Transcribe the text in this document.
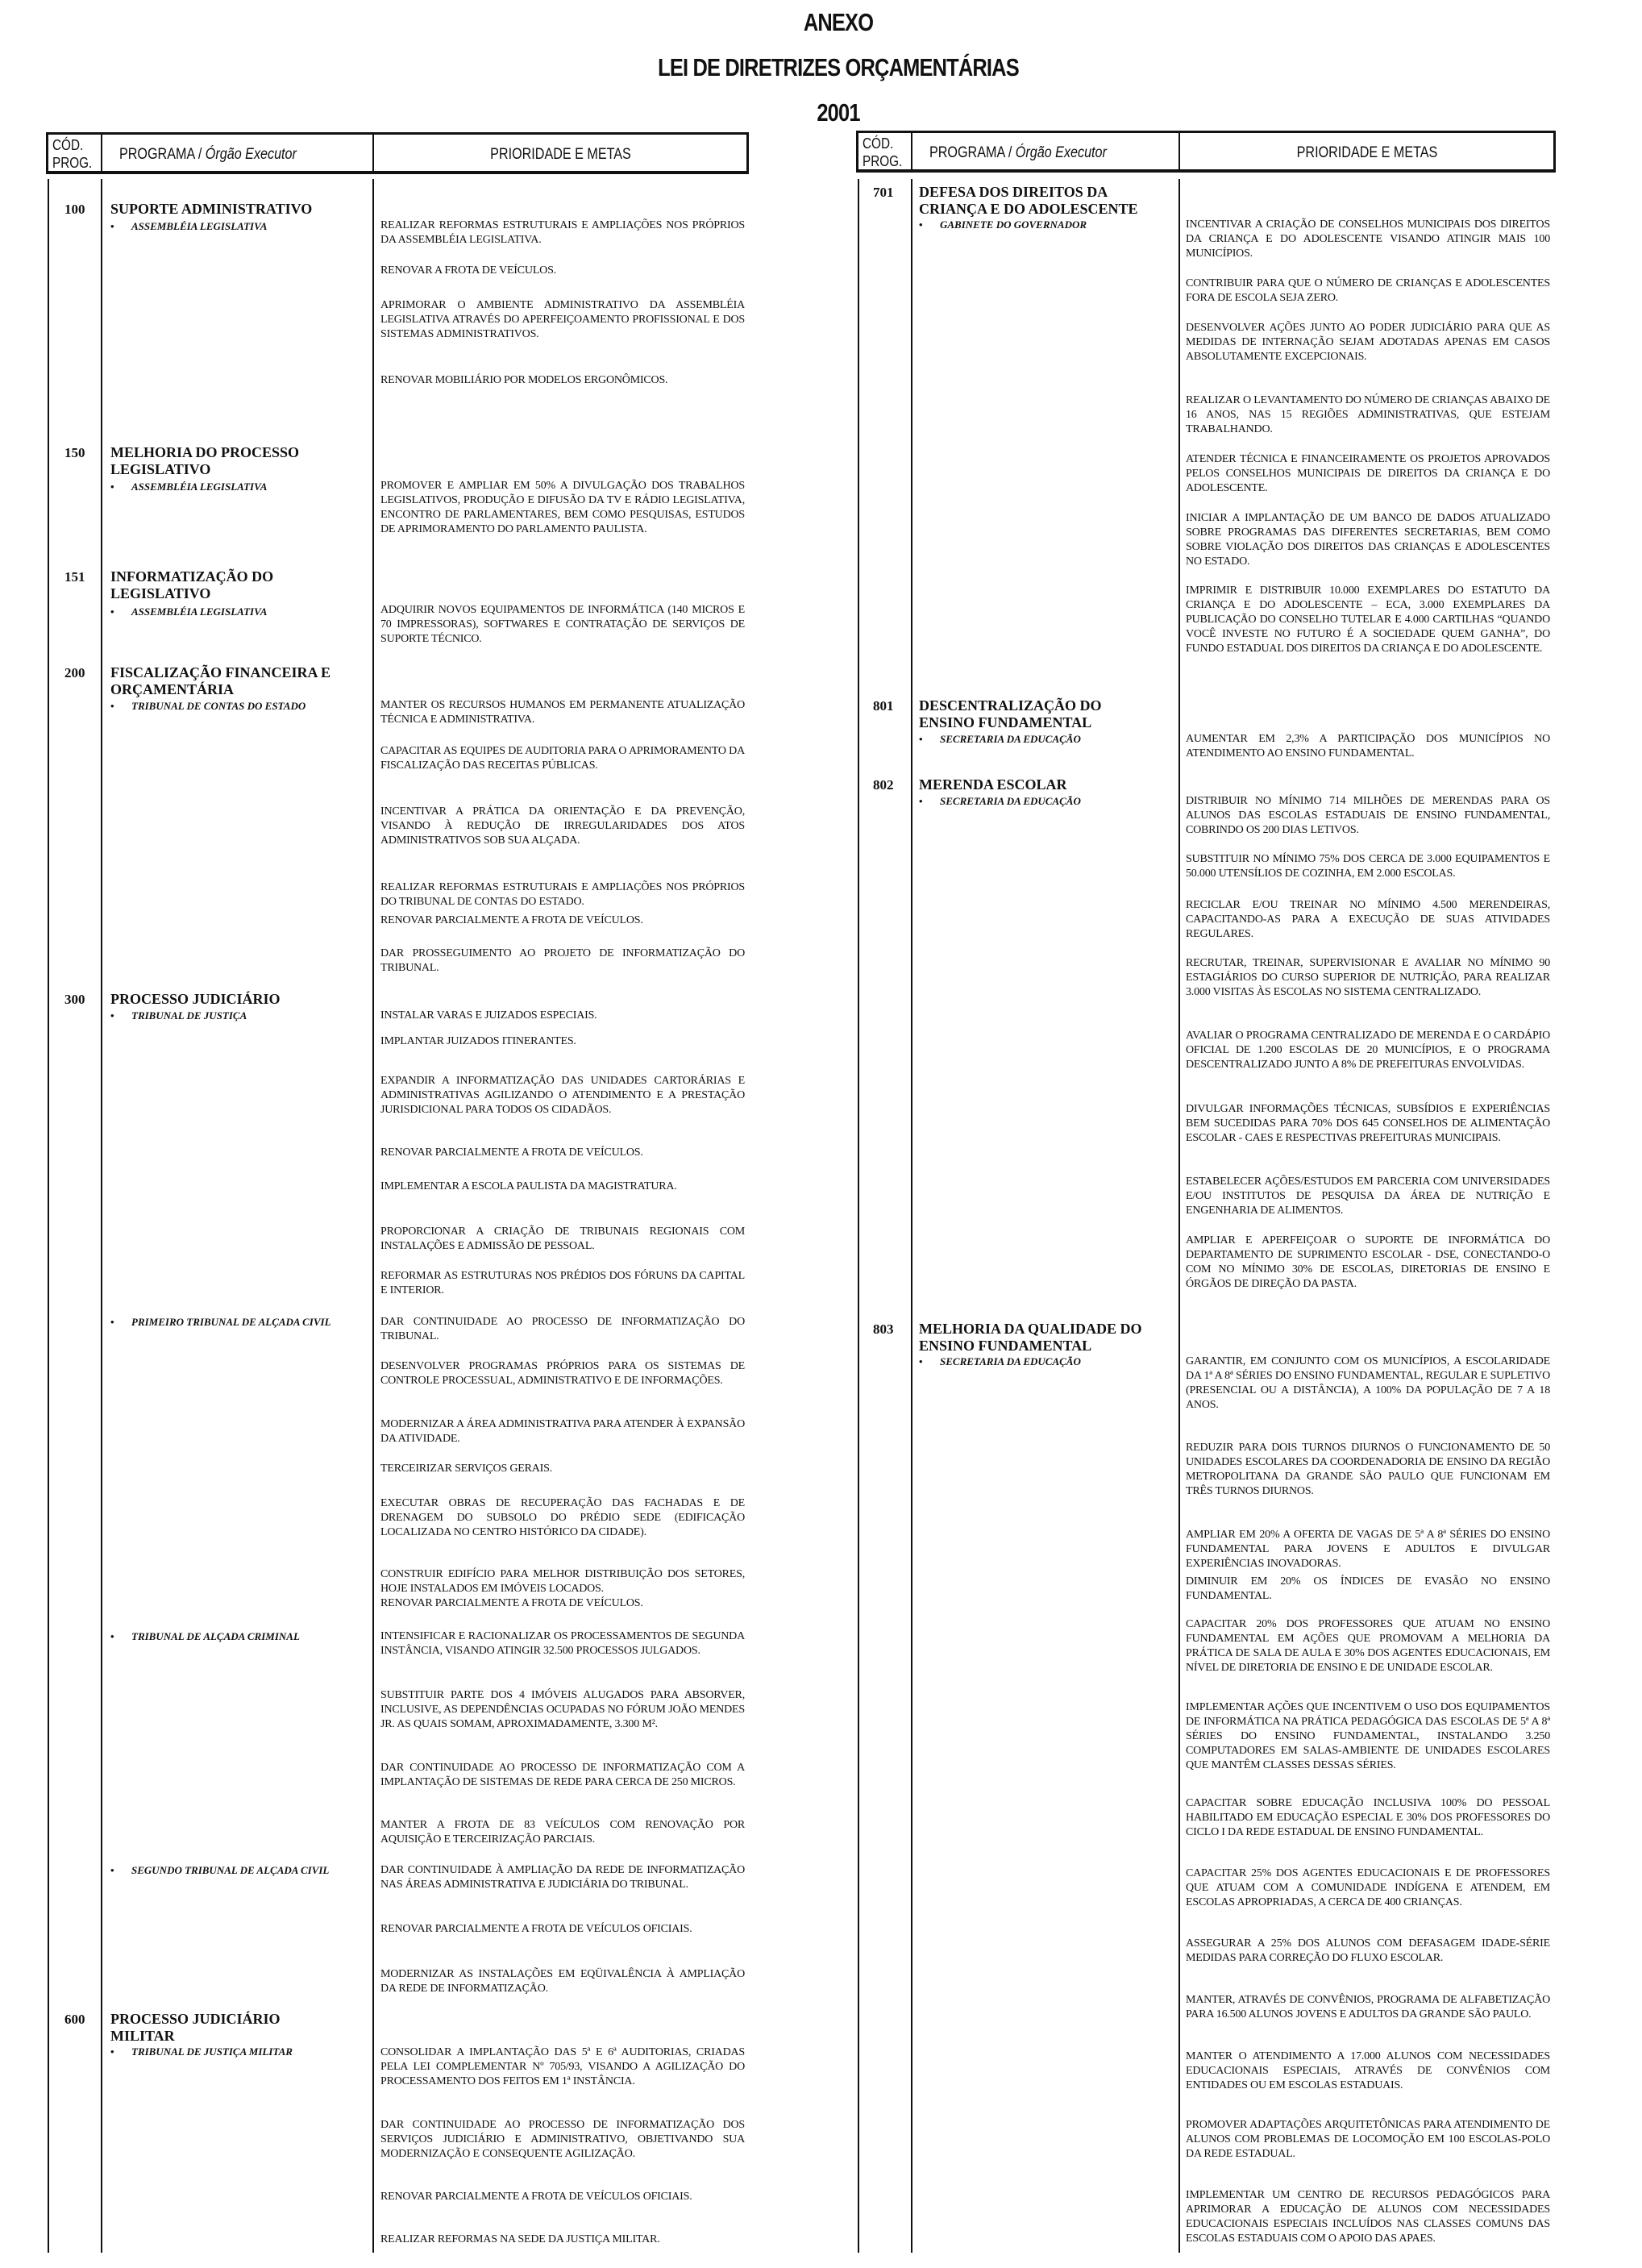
ANEXO
LEI DE DIRETRIZES ORÇAMENTÁRIAS
2001
CÓD.
PROG. PROGRAMA / Órgão Executor	PRIORIDADE E METAS
100 SUPORTE ADMINISTRATIVO
• ASSEMBLÉIA LEGISLATIVA	REALIZAR REFORMAS ESTRUTURAIS E AMPLIAÇÕES NOS PRÓPRIOS DA ASSEMBLÉIA LEGISLATIVA.
RENOVAR A FROTA DE VEÍCULOS.
APRIMORAR O AMBIENTE ADMINISTRATIVO DA ASSEMBLÉIA LEGISLATIVA ATRAVÉS DO APERFEIÇOAMENTO PROFISSIONAL E DOS SISTEMAS ADMINISTRATIVOS.
RENOVAR MOBILIÁRIO POR MODELOS ERGONÔMICOS.
150 MELHORIA DO PROCESSO
LEGISLATIVO
• ASSEMBLÉIA LEGISLATIVA	PROMOVER E AMPLIAR EM 50% A DIVULGAÇÃO DOS TRABALHOS LEGISLATIVOS, PRODUÇÃO E DIFUSÃO DA TV E RÁDIO LEGISLATIVA, ENCONTRO DE PARLAMENTARES, BEM COMO PESQUISAS, ESTUDOS DE APRIMORAMENTO DO PARLAMENTO PAULISTA.
151 INFORMATIZAÇÃO DO
LEGISLATIVO
• ASSEMBLÉIA LEGISLATIVA	ADQUIRIR NOVOS EQUIPAMENTOS DE INFORMÁTICA (140 MICROS E 70 IMPRESSORAS), SOFTWARES E CONTRATAÇÃO DE SERVIÇOS DE SUPORTE TÉCNICO.
200 FISCALIZAÇÃO FINANCEIRA E
ORÇAMENTÁRIA
• TRIBUNAL DE CONTAS DO ESTADO	MANTER OS RECURSOS HUMANOS EM PERMANENTE ATUALIZAÇÃO TÉCNICA E ADMINISTRATIVA.
CAPACITAR AS EQUIPES DE AUDITORIA PARA O APRIMORAMENTO DA FISCALIZAÇÃO DAS RECEITAS PÚBLICAS.
INCENTIVAR A PRÁTICA DA ORIENTAÇÃO E DA PREVENÇÃO, VISANDO À REDUÇÃO DE IRREGULARIDADES DOS ATOS ADMINISTRATIVOS SOB SUA ALÇADA.
REALIZAR REFORMAS ESTRUTURAIS E AMPLIAÇÕES NOS PRÓPRIOS DO TRIBUNAL DE CONTAS DO ESTADO.
RENOVAR PARCIALMENTE A FROTA DE VEÍCULOS.
DAR PROSSEGUIMENTO AO PROJETO DE INFORMATIZAÇÃO DO TRIBUNAL.
300 PROCESSO JUDICIÁRIO
• TRIBUNAL DE JUSTIÇA	INSTALAR VARAS E JUIZADOS ESPECIAIS.
IMPLANTAR JUIZADOS ITINERANTES.
EXPANDIR A INFORMATIZAÇÃO DAS UNIDADES CARTORÁRIAS E ADMINISTRATIVAS AGILIZANDO O ATENDIMENTO E A PRESTAÇÃO JURISDICIONAL PARA TODOS OS CIDADÃOS.
RENOVAR PARCIALMENTE A FROTA DE VEÍCULOS.
IMPLEMENTAR A ESCOLA PAULISTA DA MAGISTRATURA.
PROPORCIONAR A CRIAÇÃO DE TRIBUNAIS REGIONAIS COM INSTALAÇÕES E ADMISSÃO DE PESSOAL.
REFORMAR AS ESTRUTURAS NOS PRÉDIOS DOS FÓRUNS DA CAPITAL E INTERIOR.
• PRIMEIRO TRIBUNAL DE ALÇADA CIVIL	DAR CONTINUIDADE AO PROCESSO DE INFORMATIZAÇÃO DO TRIBUNAL.
DESENVOLVER PROGRAMAS PRÓPRIOS PARA OS SISTEMAS DE CONTROLE PROCESSUAL, ADMINISTRATIVO E DE INFORMAÇÕES.
MODERNIZAR A ÁREA ADMINISTRATIVA PARA ATENDER À EXPANSÃO DA ATIVIDADE.
TERCEIRIZAR SERVIÇOS GERAIS.
EXECUTAR OBRAS DE RECUPERAÇÃO DAS FACHADAS E DE DRENAGEM DO SUBSOLO DO PRÉDIO SEDE (EDIFICAÇÃO LOCALIZADA NO CENTRO HISTÓRICO DA CIDADE).
CONSTRUIR EDIFÍCIO PARA MELHOR DISTRIBUIÇÃO DOS SETORES, HOJE INSTALADOS EM IMÓVEIS LOCADOS.
RENOVAR PARCIALMENTE A FROTA DE VEÍCULOS.
• TRIBUNAL DE ALÇADA CRIMINAL	INTENSIFICAR E RACIONALIZAR OS PROCESSAMENTOS DE SEGUNDA INSTÂNCIA, VISANDO ATINGIR 32.500 PROCESSOS JULGADOS.
SUBSTITUIR PARTE DOS 4 IMÓVEIS ALUGADOS PARA ABSORVER, INCLUSIVE, AS DEPENDÊNCIAS OCUPADAS NO FÓRUM JOÃO MENDES JR. AS QUAIS SOMAM, APROXIMADAMENTE, 3.300 M².
DAR CONTINUIDADE AO PROCESSO DE INFORMATIZAÇÃO COM A IMPLANTAÇÃO DE SISTEMAS DE REDE PARA CERCA DE 250 MICROS.
MANTER A FROTA DE 83 VEÍCULOS COM RENOVAÇÃO POR AQUISIÇÃO E TERCEIRIZAÇÃO PARCIAIS.
• SEGUNDO TRIBUNAL DE ALÇADA CIVIL	DAR CONTINUIDADE À AMPLIAÇÃO DA REDE DE INFORMATIZAÇÃO NAS ÁREAS ADMINISTRATIVA E JUDICIÁRIA DO TRIBUNAL.
RENOVAR PARCIALMENTE A FROTA DE VEÍCULOS OFICIAIS.
MODERNIZAR AS INSTALAÇÕES EM EQÜIVALÊNCIA À AMPLIAÇÃO DA REDE DE INFORMATIZAÇÃO.
600 PROCESSO JUDICIÁRIO
MILITAR
• TRIBUNAL DE JUSTIÇA MILITAR	CONSOLIDAR A IMPLANTAÇÃO DAS 5ª E 6ª AUDITORIAS, CRIADAS PELA LEI COMPLEMENTAR Nº 705/93, VISANDO A AGILIZAÇÃO DO PROCESSAMENTO DOS FEITOS EM 1ª INSTÂNCIA.
DAR CONTINUIDADE AO PROCESSO DE INFORMATIZAÇÃO DOS SERVIÇOS JUDICIÁRIO E ADMINISTRATIVO, OBJETIVANDO SUA MODERNIZAÇÃO E CONSEQUENTE AGILIZAÇÃO.
RENOVAR PARCIALMENTE A FROTA DE VEÍCULOS OFICIAIS.
REALIZAR REFORMAS NA SEDE DA JUSTIÇA MILITAR.
CÓD.
PROG. PROGRAMA / Órgão Executor	PRIORIDADE E METAS
701 DEFESA DOS DIREITOS DA
CRIANÇA E DO ADOLESCENTE
• GABINETE DO GOVERNADOR	INCENTIVAR A CRIAÇÃO DE CONSELHOS MUNICIPAIS DOS DIREITOS DA CRIANÇA E DO ADOLESCENTE VISANDO ATINGIR MAIS 100 MUNICÍPIOS.
CONTRIBUIR PARA QUE O NÚMERO DE CRIANÇAS E ADOLESCENTES FORA DE ESCOLA SEJA ZERO.
DESENVOLVER AÇÕES JUNTO AO PODER JUDICIÁRIO PARA QUE AS MEDIDAS DE INTERNAÇÃO SEJAM ADOTADAS APENAS EM CASOS ABSOLUTAMENTE EXCEPCIONAIS.
REALIZAR O LEVANTAMENTO DO NÚMERO DE CRIANÇAS ABAIXO DE 16 ANOS, NAS 15 REGIÕES ADMINISTRATIVAS, QUE ESTEJAM TRABALHANDO.
ATENDER TÉCNICA E FINANCEIRAMENTE OS PROJETOS APROVADOS PELOS CONSELHOS MUNICIPAIS DE DIREITOS DA CRIANÇA E DO ADOLESCENTE.
INICIAR A IMPLANTAÇÃO DE UM BANCO DE DADOS ATUALIZADO SOBRE PROGRAMAS DAS DIFERENTES SECRETARIAS, BEM COMO SOBRE VIOLAÇÃO DOS DIREITOS DAS CRIANÇAS E ADOLESCENTES NO ESTADO.
IMPRIMIR E DISTRIBUIR 10.000 EXEMPLARES DO ESTATUTO DA CRIANÇA E DO ADOLESCENTE – ECA, 3.000 EXEMPLARES DA PUBLICAÇÃO DO CONSELHO TUTELAR E 4.000 CARTILHAS “QUANDO VOCÊ INVESTE NO FUTURO É A SOCIEDADE QUEM GANHA”, DO FUNDO ESTADUAL DOS DIREITOS DA CRIANÇA E DO ADOLESCENTE.
801 DESCENTRALIZAÇÃO DO
ENSINO FUNDAMENTAL
• SECRETARIA DA EDUCAÇÃO	AUMENTAR EM 2,3% A PARTICIPAÇÃO DOS MUNICÍPIOS NO ATENDIMENTO AO ENSINO FUNDAMENTAL.
802 MERENDA ESCOLAR
• SECRETARIA DA EDUCAÇÃO	DISTRIBUIR NO MÍNIMO 714 MILHÕES DE MERENDAS PARA OS ALUNOS DAS ESCOLAS ESTADUAIS DE ENSINO FUNDAMENTAL, COBRINDO OS 200 DIAS LETIVOS.
SUBSTITUIR NO MÍNIMO 75% DOS CERCA DE 3.000 EQUIPAMENTOS E 50.000 UTENSÍLIOS DE COZINHA, EM 2.000 ESCOLAS.
RECICLAR E/OU TREINAR NO MÍNIMO 4.500 MERENDEIRAS, CAPACITANDO-AS PARA A EXECUÇÃO DE SUAS ATIVIDADES REGULARES.
RECRUTAR, TREINAR, SUPERVISIONAR E AVALIAR NO MÍNIMO 90 ESTAGIÁRIOS DO CURSO SUPERIOR DE NUTRIÇÃO, PARA REALIZAR 3.000 VISITAS ÀS ESCOLAS NO SISTEMA CENTRALIZADO.
AVALIAR O PROGRAMA CENTRALIZADO DE MERENDA E O CARDÁPIO OFICIAL DE 1.200 ESCOLAS DE 20 MUNICÍPIOS, E O PROGRAMA DESCENTRALIZADO JUNTO A 8% DE PREFEITURAS ENVOLVIDAS.
DIVULGAR INFORMAÇÕES TÉCNICAS, SUBSÍDIOS E EXPERIÊNCIAS BEM SUCEDIDAS PARA 70% DOS 645 CONSELHOS DE ALIMENTAÇÃO ESCOLAR - CAES E RESPECTIVAS PREFEITURAS MUNICIPAIS.
ESTABELECER AÇÕES/ESTUDOS EM PARCERIA COM UNIVERSIDADES E/OU INSTITUTOS DE PESQUISA DA ÁREA DE NUTRIÇÃO E ENGENHARIA DE ALIMENTOS.
AMPLIAR E APERFEIÇOAR O SUPORTE DE INFORMÁTICA DO DEPARTAMENTO DE SUPRIMENTO ESCOLAR - DSE, CONECTANDO-O COM NO MÍNIMO 30% DE ESCOLAS, DIRETORIAS DE ENSINO E ÓRGÃOS DE DIREÇÃO DA PASTA.
803 MELHORIA DA QUALIDADE DO
ENSINO FUNDAMENTAL
• SECRETARIA DA EDUCAÇÃO	GARANTIR, EM CONJUNTO COM OS MUNICÍPIOS, A ESCOLARIDADE DA 1ª A 8ª SÉRIES DO ENSINO FUNDAMENTAL, REGULAR E SUPLETIVO (PRESENCIAL OU A DISTÂNCIA), A 100% DA POPULAÇÃO DE 7 A 18 ANOS.
REDUZIR PARA DOIS TURNOS DIURNOS O FUNCIONAMENTO DE 50 UNIDADES ESCOLARES DA COORDENADORIA DE ENSINO DA REGIÃO METROPOLITANA DA GRANDE SÃO PAULO QUE FUNCIONAM EM TRÊS TURNOS DIURNOS.
AMPLIAR EM 20% A OFERTA DE VAGAS DE 5ª A 8ª SÉRIES DO ENSINO FUNDAMENTAL PARA JOVENS E ADULTOS E DIVULGAR EXPERIÊNCIAS INOVADORAS.
DIMINUIR EM 20% OS ÍNDICES DE EVASÃO NO ENSINO FUNDAMENTAL.
CAPACITAR 20% DOS PROFESSORES QUE ATUAM NO ENSINO FUNDAMENTAL EM AÇÕES QUE PROMOVAM A MELHORIA DA PRÁTICA DE SALA DE AULA E 30% DOS AGENTES EDUCACIONAIS, EM NÍVEL DE DIRETORIA DE ENSINO E DE UNIDADE ESCOLAR.
IMPLEMENTAR AÇÕES QUE INCENTIVEM O USO DOS EQUIPAMENTOS DE INFORMÁTICA NA PRÁTICA PEDAGÓGICA DAS ESCOLAS DE 5ª A 8ª SÉRIES DO ENSINO FUNDAMENTAL, INSTALANDO 3.250 COMPUTADORES EM SALAS-AMBIENTE DE UNIDADES ESCOLARES QUE MANTÊM CLASSES DESSAS SÉRIES.
CAPACITAR SOBRE EDUCAÇÃO INCLUSIVA 100% DO PESSOAL HABILITADO EM EDUCAÇÃO ESPECIAL E 30% DOS PROFESSORES DO CICLO I DA REDE ESTADUAL DE ENSINO FUNDAMENTAL.
CAPACITAR 25% DOS AGENTES EDUCACIONAIS E DE PROFESSORES QUE ATUAM COM A COMUNIDADE INDÍGENA E ATENDEM, EM ESCOLAS APROPRIADAS, A CERCA DE 400 CRIANÇAS.
ASSEGURAR A 25% DOS ALUNOS COM DEFASAGEM IDADE-SÉRIE MEDIDAS PARA CORREÇÃO DO FLUXO ESCOLAR.
MANTER, ATRAVÉS DE CONVÊNIOS, PROGRAMA DE ALFABETIZAÇÃO PARA 16.500 ALUNOS JOVENS E ADULTOS DA GRANDE SÃO PAULO.
MANTER O ATENDIMENTO A 17.000 ALUNOS COM NECESSIDADES EDUCACIONAIS ESPECIAIS, ATRAVÉS DE CONVÊNIOS COM ENTIDADES OU EM ESCOLAS ESTADUAIS.
PROMOVER ADAPTAÇÕES ARQUITETÔNICAS PARA ATENDIMENTO DE ALUNOS COM PROBLEMAS DE LOCOMOÇÃO EM 100 ESCOLAS-POLO DA REDE ESTADUAL.
IMPLEMENTAR UM CENTRO DE RECURSOS PEDAGÓGICOS PARA APRIMORAR A EDUCAÇÃO DE ALUNOS COM NECESSIDADES EDUCACIONAIS ESPECIAIS INCLUÍDOS NAS CLASSES COMUNS DAS ESCOLAS ESTADUAIS COM O APOIO DAS APAES.
